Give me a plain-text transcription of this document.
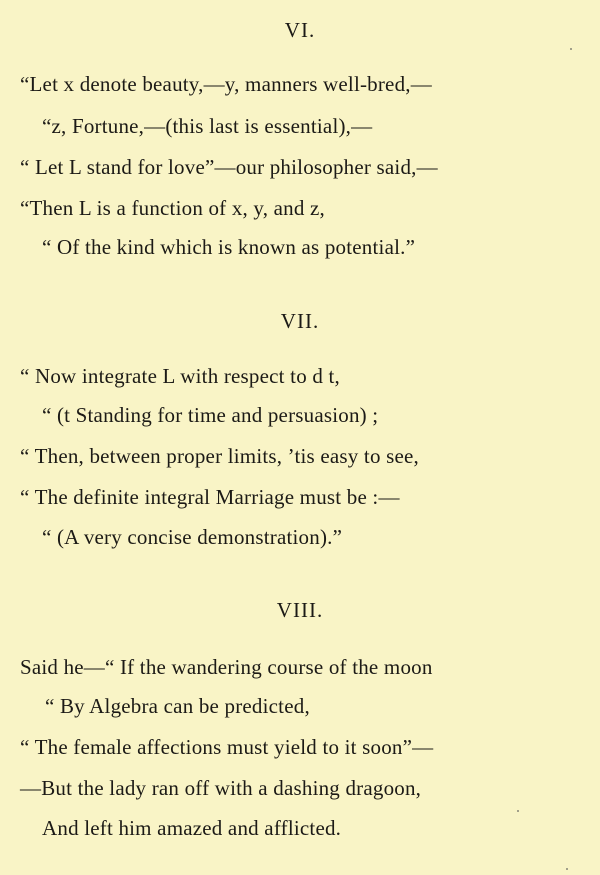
VI.
“Let x denote beauty,—y, manners well-bred,—
“z, Fortune,—(this last is essential),—
“ Let L stand for love”—our philosopher said,—
“Then L is a function of x, y, and z,
“ Of the kind which is known as potential.”
VII.
“ Now integrate L with respect to d t,
“ (t Standing for time and persuasion) ;
“ Then, between proper limits, ’tis easy to see,
“ The definite integral Marriage must be :—
“ (A very concise demonstration).”
VIII.
Said he—“ If the wandering course of the moon
“ By Algebra can be predicted,
“ The female affections must yield to it soon”—
—But the lady ran off with a dashing dragoon,
And left him amazed and afflicted.
